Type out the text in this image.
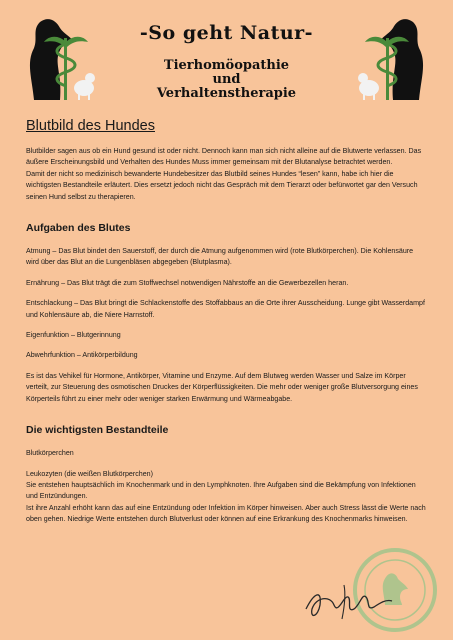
-So geht Natur-
Tierhomöopathie
und
Verhaltenstherapie
Blutbild des Hundes

Blutbilder sagen aus ob ein Hund gesund ist oder nicht. Dennoch kann man sich nicht alleine auf die Blutwerte verlassen. Das äußere Erscheinungsbild und Verhalten des Hundes Muss immer gemeinsam mit der Blutanalyse betrachtet werden.

Damit der nicht so medizinisch bewanderte Hundebesitzer das Blutbild seines Hundes “lesen” kann, habe ich hier die wichtigsten Bestandteile erläutert. Dies ersetzt jedoch nicht das Gespräch mit dem Tierarzt oder befürwortet gar den Versuch seinen Hund selbst zu therapieren.

Aufgaben des Blutes

Atmung – Das Blut bindet den Sauerstoff, der durch die Atmung aufgenommen wird (rote Blutkörperchen). Die Kohlensäure wird über das Blut an die Lungenbläsen abgegeben (Blutplasma).

Ernährung – Das Blut trägt die zum Stoffwechsel notwendigen Nährstoffe an die Gewerbezellen heran.

Entschlackung – Das Blut bringt die Schlackenstoffe des Stoffabbaus an die Orte ihrer Ausscheidung. Lunge gibt Wasserdampf und Kohlensäure ab, die Niere Harnstoff.

Eigenfunktion – Blutgerinnung

Abwehrfunktion – Antikörperbildung

Es ist das Vehikel für Hormone, Antikörper, Vitamine und Enzyme. Auf dem Blutweg werden Wasser und Salze im Körper verteilt, zur Steuerung des osmotischen Druckes der Körperflüssigkeiten. Die mehr oder weniger große Blutversorgung eines Körperteils führt zu einer mehr oder weniger starken Erwärmung und Wärmeabgabe.

Die wichtigsten Bestandteile

Blutkörperchen

Leukozyten (die weißen Blutkörperchen)
Sie entstehen hauptsächlich im Knochenmark und in den Lymphknoten. Ihre Aufgaben sind die Bekämpfung von Infektionen und Entzündungen.
Ist ihre Anzahl erhöht kann das auf eine Entzündung oder Infektion im Körper hinweisen. Aber auch Stress lässt die Werte nach oben gehen. Niedrige Werte entstehen durch Blutverlust oder können auf eine Erkrankung des Knochenmarks hinweisen.
